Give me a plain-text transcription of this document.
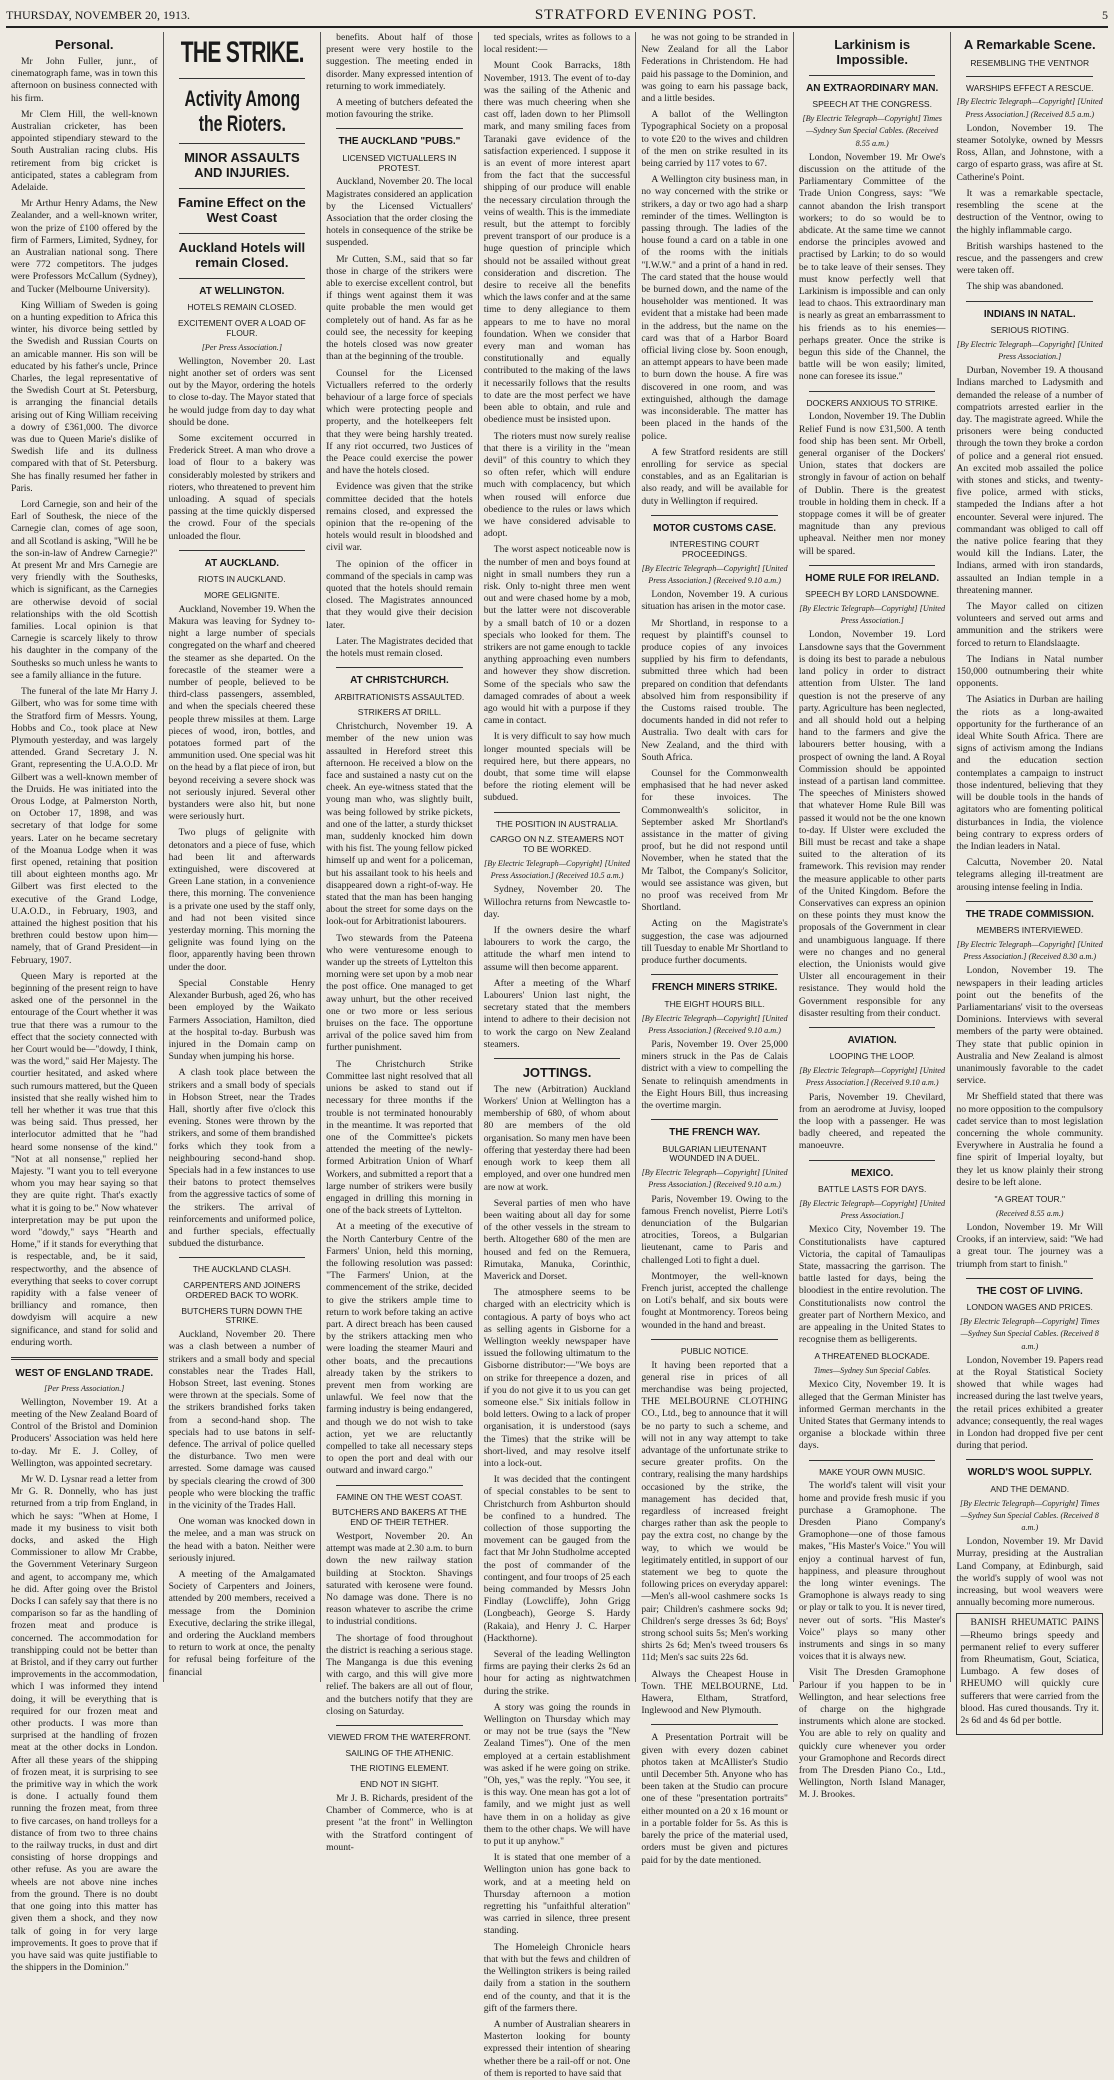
THURSDAY, NOVEMBER 20, 1913.	STRATFORD EVENING POST.	5
Personal.

Mr John Fuller, junr., of cinematograph fame, was in town this afternoon on business connected with his firm.

Mr Clem Hill, the well-known Australian cricketer, has been appointed stipendiary steward to the South Australian racing clubs. His retirement from big cricket is anticipated, states a cablegram from Adelaide.

Mr Arthur Henry Adams, the New Zealander, and a well-known writer, won the prize of £100 offered by the firm of Farmers, Limited, Sydney, for an Australian national song. There were 772 competitors. The judges were Professors McCallum (Sydney), and Tucker (Melbourne University).

King William of Sweden is going on a hunting expedition to Africa this winter, his divorce being settled by the Swedish and Russian Courts on an amicable manner. His son will be educated by his father's uncle, Prince Charles, the legal representative of the Swedish Court at St. Petersburg, is arranging the financial details arising out of King William receiving a dowry of £361,000. The divorce was due to Queen Marie's dislike of Swedish life and its dullness compared with that of St. Petersburg. She has finally resumed her father in Paris.

Lord Carnegie, son and heir of the Earl of Southesk, the niece of the Carnegie clan, comes of age soon, and all Scotland is asking, "Will he be the son-in-law of Andrew Carnegie?" At present Mr and Mrs Carnegie are very friendly with the Southesks, which is significant, as the Carnegies are otherwise devoid of social relationships with the old Scottish families. Local opinion is that Carnegie is scarcely likely to throw his daughter in the company of the Southesks so much unless he wants to see a family alliance in the future.

The funeral of the late Mr Harry J. Gilbert, who was for some time with the Stratford firm of Messrs. Young, Hobbs and Co., took place at New Plymouth yesterday, and was largely attended. Grand Secretary J. N. Grant, representing the U.A.O.D. Mr Gilbert was a well-known member of the Druids. He was initiated into the Orous Lodge, at Palmerston North, on October 17, 1898, and was secretary of that lodge for some years. Later on he became secretary of the Moanua Lodge when it was first opened, retaining that position till about eighteen months ago. Mr Gilbert was first elected to the executive of the Grand Lodge, U.A.O.D., in February, 1903, and attained the highest position that his brethren could bestow upon him—namely, that of Grand President—in February, 1907.

Queen Mary is reported at the beginning of the present reign to have asked one of the personnel in the entourage of the Court whether it was true that there was a rumour to the effect that the society connected with her Court would be—"dowdy, I think, was the word," said Her Majesty. The courtier hesitated, and asked where such rumours mattered, but the Queen insisted that she really wished him to tell her whether it was true that this was being said. Thus pressed, her interlocutor admitted that he "had heard some nonsense of the kind." "Not at all nonsense," replied her Majesty. "I want you to tell everyone whom you may hear saying so that they are quite right. That's exactly what it is going to be." Now whatever interpretation may be put upon the word "dowdy," says "Hearth and Home," if it stands for everything that is respectable, and, be it said, respectworthy, and the absence of everything that seeks to cover corrupt rapidity with a false veneer of brilliancy and romance, then dowdyism will acquire a new significance, and stand for solid and enduring worth.

WEST OF ENGLAND TRADE.
[Per Press Association.]

Wellington, November 19. At a meeting of the New Zealand Board of Control of the Bristol and Dominion Producers' Association was held here to-day. Mr E. J. Colley, of Wellington, was appointed secretary.

Mr W. D. Lysnar read a letter from Mr G. R. Donnelly, who has just returned from a trip from England, in which he says: "When at Home, I made it my business to visit both docks, and asked the High Commissioner to allow Mr Crabbe, the Government Veterinary Surgeon and agent, to accompany me, which he did. After going over the Bristol Docks I can safely say that there is no comparison so far as the handling of frozen meat and produce is concerned. The accommodation for transhipping could not be better than at Bristol, and if they carry out further improvements in the accommodation, which I was informed they intend doing, it will be everything that is required for our frozen meat and other products. I was more than surprised at the handling of frozen meat at the other docks in London. After all these years of the shipping of frozen meat, it is surprising to see the primitive way in which the work is done. I actually found them running the frozen meat, from three to five carcases, on hand trolleys for a distance of from two to three chains to the railway trucks, in dust and dirt consisting of horse droppings and other refuse. As you are aware the wheels are not above nine inches from the ground. There is no doubt that one going into this matter has given them a shock, and they now talk of going in for very large improvements. It goes to prove that if you have said was quite justifiable to the shippers in the Dominion."

THE STRIKE.
Activity Among the Rioters.
MINOR ASSAULTS AND INJURIES.
Famine Effect on the West Coast
Auckland Hotels will remain Closed.
AT WELLINGTON.
HOTELS REMAIN CLOSED.
EXCITEMENT OVER A LOAD OF FLOUR.
[Per Press Association.]

Wellington, November 20. Last night another set of orders was sent out by the Mayor, ordering the hotels to close to-day. The Mayor stated that he would judge from day to day what should be done.

Some excitement occurred in Frederick Street. A man who drove a load of flour to a bakery was considerably molested by strikers and rioters, who threatened to prevent him unloading. A squad of specials passing at the time quickly dispersed the crowd. Four of the specials unloaded the flour.

AT AUCKLAND.
RIOTS IN AUCKLAND.
MORE GELIGNITE.

Auckland, November 19. When the Makura was leaving for Sydney to-night a large number of specials congregated on the wharf and cheered the steamer as she departed. On the forecastle of the steamer were a number of people, believed to be third-class passengers, assembled, and when the specials cheered these people threw missiles at them. Large pieces of wood, iron, bottles, and potatoes formed part of the ammunition used. One special was hit on the head by a flat piece of iron, but beyond receiving a severe shock was not seriously injured. Several other bystanders were also hit, but none were seriously hurt.

Two plugs of gelignite with detonators and a piece of fuse, which had been lit and afterwards extinguished, were discovered at Green Lane station, in a convenience there, this morning. The convenience is a private one used by the staff only, and had not been visited since yesterday morning. This morning the gelignite was found lying on the floor, apparently having been thrown under the door.

Special Constable Henry Alexander Burbush, aged 26, who has been employed by the Waikato Farmers Association, Hamilton, died at the hospital to-day. Burbush was injured in the Domain camp on Sunday when jumping his horse.

A clash took place between the strikers and a small body of specials in Hobson Street, near the Trades Hall, shortly after five o'clock this evening. Stones were thrown by the strikers, and some of them brandished forks which they took from a neighbouring second-hand shop. Specials had in a few instances to use their batons to protect themselves from the aggressive tactics of some of the strikers. The arrival of reinforcements and uniformed police, and further specials, effectually subdued the disturbance.

THE AUCKLAND CLASH.
CARPENTERS AND JOINERS ORDERED BACK TO WORK.
BUTCHERS TURN DOWN THE STRIKE.

Auckland, November 20. There was a clash between a number of strikers and a small body and special constables near the Trades Hall, Hobson Street, last evening. Stones were thrown at the specials. Some of the strikers brandished forks taken from a second-hand shop. The specials had to use batons in self-defence. The arrival of police quelled the disturbance. Two men were arrested. Some damage was caused by specials clearing the crowd of 300 people who were blocking the traffic in the vicinity of the Trades Hall.

One woman was knocked down in the melee, and a man was struck on the head with a baton. Neither were seriously injured.

A meeting of the Amalgamated Society of Carpenters and Joiners, attended by 200 members, received a message from the Dominion Executive, declaring the strike illegal, and ordering the Auckland members to return to work at once, the penalty for refusal being forfeiture of the financial

benefits. About half of those present were very hostile to the suggestion. The meeting ended in disorder. Many expressed intention of returning to work immediately.

A meeting of butchers defeated the motion favouring the strike.

THE AUCKLAND "PUBS."
LICENSED VICTUALLERS IN PROTEST.

Auckland, November 20. The local Magistrates considered an application by the Licensed Victuallers' Association that the order closing the hotels in consequence of the strike be suspended.

Mr Cutten, S.M., said that so far those in charge of the strikers were able to exercise excellent control, but if things went against them it was quite probable the men would get completely out of hand. As far as he could see, the necessity for keeping the hotels closed was now greater than at the beginning of the trouble.

Counsel for the Licensed Victuallers referred to the orderly behaviour of a large force of specials which were protecting people and property, and the hotelkeepers felt that they were being harshly treated. If any riot occurred, two Justices of the Peace could exercise the power and have the hotels closed.

Evidence was given that the strike committee decided that the hotels remains closed, and expressed the opinion that the re-opening of the hotels would result in bloodshed and civil war.

The opinion of the officer in command of the specials in camp was quoted that the hotels should remain closed. The Magistrates announced that they would give their decision later.

Later. The Magistrates decided that the hotels must remain closed.

AT CHRISTCHURCH.
ARBITRATIONISTS ASSAULTED.
STRIKERS AT DRILL.

Christchurch, November 19. A member of the new union was assaulted in Hereford street this afternoon. He received a blow on the face and sustained a nasty cut on the cheek. An eye-witness stated that the young man who, was slightly built, was being followed by strike pickets, and one of the latter, a sturdy thickset man, suddenly knocked him down with his fist. The young fellow picked himself up and went for a policeman, but his assailant took to his heels and disappeared down a right-of-way. He stated that the man has been hanging about the street for some days on the look-out for Arbitrationist labourers.

Two stewards from the Pateena who were venturesome enough to wander up the streets of Lyttelton this morning were set upon by a mob near the post office. One managed to get away unhurt, but the other received one or two more or less serious bruises on the face. The opportune arrival of the police saved him from further punishment.

The Christchurch Strike Committee last night resolved that all unions be asked to stand out if necessary for three months if the trouble is not terminated honourably in the meantime. It was reported that one of the Committee's pickets attended the meeting of the newly-formed Arbitration Union of Wharf Workers, and submitted a report that a large number of strikers were busily engaged in drilling this morning in one of the back streets of Lyttelton.

At a meeting of the executive of the North Canterbury Centre of the Farmers' Union, held this morning, the following resolution was passed: "The Farmers' Union, at the commencement of the strike, decided to give the strikers ample time to return to work before taking an active part. A direct breach has been caused by the strikers attacking men who were loading the steamer Mauri and other boats, and the precautions already taken by the strikers to prevent men from working are unlawful. We feel now that the farming industry is being endangered, and though we do not wish to take action, yet we are reluctantly compelled to take all necessary steps to open the port and deal with our outward and inward cargo."

FAMINE ON THE WEST COAST.
BUTCHERS AND BAKERS AT THE END OF THEIR TETHER.

Westport, November 20. An attempt was made at 2.30 a.m. to burn down the new railway station building at Stockton. Shavings saturated with kerosene were found. No damage was done. There is no reason whatever to ascribe the crime to industrial conditions.

The shortage of food throughout the district is reaching a serious stage. The Manganga is due this evening with cargo, and this will give more relief. The bakers are all out of flour, and the butchers notify that they are closing on Saturday.

VIEWED FROM THE WATERFRONT.
SAILING OF THE ATHENIC.
THE RIOTING ELEMENT.
END NOT IN SIGHT.

Mr J. B. Richards, president of the Chamber of Commerce, who is at present "at the front" in Wellington with the Stratford contingent of mount-

ted specials, writes as follows to a local resident:—

Mount Cook Barracks, 18th November, 1913. The event of to-day was the sailing of the Athenic and there was much cheering when she cast off, laden down to her Plimsoll mark, and many smiling faces from Taranaki gave evidence of the satisfaction experienced. I suppose it is an event of more interest apart from the fact that the successful shipping of our produce will enable the necessary circulation through the veins of wealth. This is the immediate result, but the attempt to forcibly prevent transport of our produce is a huge question of principle which should not be assailed without great consideration and discretion. The desire to receive all the benefits which the laws confer and at the same time to deny allegiance to them appears to me to have no moral foundation. When we consider that every man and woman has constitutionally and equally contributed to the making of the laws it necessarily follows that the results to date are the most perfect we have been able to obtain, and rule and obedience must be insisted upon.

The rioters must now surely realise that there is a virility in the "mean devil" of this country to which they so often refer, which will endure much with complacency, but which when roused will enforce due obedience to the rules or laws which we have considered advisable to adopt.

The worst aspect noticeable now is the number of men and boys found at night in small numbers they run a risk. Only to-night three men went out and were chased home by a mob, but the latter were not discoverable by a small batch of 10 or a dozen specials who looked for them. The strikers are not game enough to tackle anything approaching even numbers and however they show discretion. Some of the specials who saw the damaged comrades of about a week ago would hit with a purpose if they came in contact.

It is very difficult to say how much longer mounted specials will be required here, but there appears, no doubt, that some time will elapse before the rioting element will be subdued.

THE POSITION IN AUSTRALIA.
CARGO ON N.Z. STEAMERS NOT TO BE WORKED.
[By Electric Telegraph—Copyright] [United Press Association.] (Received 10.5 a.m.)

Sydney, November 20. The Willochra returns from Newcastle to-day.

If the owners desire the wharf labourers to work the cargo, the attitude the wharf men intend to assume will then become apparent.

After a meeting of the Wharf Labourers' Union last night, the secretary stated that the members intend to adhere to their decision not to work the cargo on New Zealand steamers.

JOTTINGS.

The new (Arbitration) Auckland Workers' Union at Wellington has a membership of 680, of whom about 80 are members of the old organisation. So many men have been offering that yesterday there had been enough work to keep them all employed, and over one hundred men are now at work.

Several parties of men who have been waiting about all day for some of the other vessels in the stream to berth. Altogether 680 of the men are housed and fed on the Remuera, Rimutaka, Manuka, Corinthic, Maverick and Dorset.

The atmosphere seems to be charged with an electricity which is contagious. A party of boys who act as selling agents in Gisborne for a Wellington weekly newspaper have issued the following ultimatum to the Gisborne distributor:—"We boys are on strike for threepence a dozen, and if you do not give it to us you can get someone else." Six initials follow in bold letters. Owing to a lack of proper organisation, it is understood (says the Times) that the strike will be short-lived, and may resolve itself into a lock-out.

It was decided that the contingent of special constables to be sent to Christchurch from Ashburton should be confined to a hundred. The collection of those supporting the movement can be gauged from the fact that Mr John Studholme accepted the post of commander of the contingent, and four troops of 25 each being commanded by Messrs John Findlay (Lowcliffe), John Grigg (Longbeach), George S. Hardy (Rakaia), and Henry J. C. Harper (Hackthorne).

Several of the leading Wellington firms are paying their clerks 2s 6d an hour for acting as nightwatchmen during the strike.

A story was going the rounds in Wellington on Thursday which may or may not be true (says the "New Zealand Times"). One of the men employed at a certain establishment was asked if he were going on strike. "Oh, yes," was the reply. "You see, it is this way. One mean has got a lot of family, and we might just as well have them in on a holiday as give them to the other chaps. We will have to put it up anyhow."

It is stated that one member of a Wellington union has gone back to work, and at a meeting held on Thursday afternoon a motion regretting his "unfaithful alteration" was carried in silence, three present standing.

The Homeleigh Chronicle hears that with but the fews and children of the Wellington strikers is being railed daily from a station in the southern end of the county, and that it is the gift of the farmers there.

A number of Australian shearers in Masterton looking for bounty expressed their intention of shearing whether there be a rail-off or not. One of them is reported to have said that

he was not going to be stranded in New Zealand for all the Labor Federations in Christendom. He had paid his passage to the Dominion, and was going to earn his passage back, and a little besides.

A ballot of the Wellington Typographical Society on a proposal to vote £20 to the wives and children of the men on strike resulted in its being carried by 117 votes to 67.

A Wellington city business man, in no way concerned with the strike or strikers, a day or two ago had a sharp reminder of the times. Wellington is passing through. The ladies of the house found a card on a table in one of the rooms with the initials "I.W.W." and a print of a hand in red. The card stated that the house would be burned down, and the name of the householder was mentioned. It was evident that a mistake had been made in the address, but the name on the card was that of a Harbor Board official living close by. Soon enough, an attempt appears to have been made to burn down the house. A fire was discovered in one room, and was extinguished, although the damage was inconsiderable. The matter has been placed in the hands of the police.

A few Stratford residents are still enrolling for service as special constables, and as an Egalitarian is also ready, and will be available for duty in Wellington if required.

MOTOR CUSTOMS CASE.
INTERESTING COURT PROCEEDINGS.
[By Electric Telegraph—Copyright] [United Press Association.] (Received 9.10 a.m.)

London, November 19. A curious situation has arisen in the motor case.

Mr Shortland, in response to a request by plaintiff's counsel to produce copies of any invoices supplied by his firm to defendants, submitted three which had been prepared on condition that defendants absolved him from responsibility if the Customs raised trouble. The documents handed in did not refer to Australia. Two dealt with cars for New Zealand, and the third with South Africa.

Counsel for the Commonwealth emphasised that he had never asked for these invoices. The Commonwealth's solicitor, in September asked Mr Shortland's assistance in the matter of giving proof, but he did not respond until November, when he stated that the Mr Talbot, the Company's Solicitor, would see assistance was given, but no proof was received from Mr Shortland.

Acting on the Magistrate's suggestion, the case was adjourned till Tuesday to enable Mr Shortland to produce further documents.

FRENCH MINERS STRIKE.
THE EIGHT HOURS BILL.
[By Electric Telegraph—Copyright] [United Press Association.] (Received 9.10 a.m.)

Paris, November 19. Over 25,000 miners struck in the Pas de Calais district with a view to compelling the Senate to relinquish amendments in the Eight Hours Bill, thus increasing the overtime margin.

THE FRENCH WAY.
BULGARIAN LIEUTENANT WOUNDED IN A DUEL.
[By Electric Telegraph—Copyright] [United Press Association.] (Received 9.10 a.m.)

Paris, November 19. Owing to the famous French novelist, Pierre Loti's denunciation of the Bulgarian atrocities, Toreos, a Bulgarian lieutenant, came to Paris and challenged Loti to fight a duel.

Montmoyer, the well-known French jurist, accepted the challenge on Loti's behalf, and six bouts were fought at Montmorency. Toreos being wounded in the hand and breast.

PUBLIC NOTICE.

It having been reported that a general rise in prices of all merchandise was being projected, THE MELBOURNE CLOTHING CO., Ltd., beg to announce that it will be no party to such a scheme, and will not in any way attempt to take advantage of the unfortunate strike to secure greater profits. On the contrary, realising the many hardships occasioned by the strike, the management has decided that, regardless of increased freight charges rather than ask the people to pay the extra cost, no change by the way, to which we would be legitimately entitled, in support of our statement we beg to quote the following prices on everyday apparel:—Men's all-wool cashmere socks 1s pair; Children's cashmere socks 9d; Children's serge dresses 3s 6d; Boys' strong school suits 5s; Men's working shirts 2s 6d; Men's tweed trousers 6s 11d; Men's sac suits 22s 6d.

Always the Cheapest House in Town. THE MELBOURNE, Ltd. Hawera, Eltham, Stratford, Inglewood and New Plymouth.

A Presentation Portrait will be given with every dozen cabinet photos taken at McAllister's Studio until December 5th. Anyone who has been taken at the Studio can procure one of these "presentation portraits" either mounted on a 20 x 16 mount or in a portable folder for 5s. As this is barely the price of the material used, orders must be given and pictures paid for by the date mentioned.

Larkinism is Impossible.
AN EXTRAORDINARY MAN.
SPEECH AT THE CONGRESS.
[By Electric Telegraph—Copyright] Times—Sydney Sun Special Cables. (Received 8.55 a.m.)

London, November 19. Mr Owe's discussion on the attitude of the Parliamentary Committee of the Trade Union Congress, says: "We cannot abandon the Irish transport workers; to do so would be to abdicate. At the same time we cannot endorse the principles avowed and practised by Larkin; to do so would be to take leave of their senses. They must know perfectly well that Larkinism is impossible and can only lead to chaos. This extraordinary man is nearly as great an embarrassment to his friends as to his enemies—perhaps greater. Once the strike is begun this side of the Channel, the battle will be won easily; limited, none can foresee its issue."

DOCKERS ANXIOUS TO STRIKE.

London, November 19. The Dublin Relief Fund is now £31,500. A tenth food ship has been sent. Mr Orbell, general organiser of the Dockers' Union, states that dockers are strongly in favour of action on behalf of Dublin. There is the greatest trouble in holding them in check. If a stoppage comes it will be of greater magnitude than any previous upheaval. Neither men nor money will be spared.

HOME RULE FOR IRELAND.
SPEECH BY LORD LANSDOWNE.
[By Electric Telegraph—Copyright] [United Press Association.]

London, November 19. Lord Lansdowne says that the Government is doing its best to parade a nebulous land policy in order to distract attention from Ulster. The land question is not the preserve of any party. Agriculture has been neglected, and all should hold out a helping hand to the farmers and give the labourers better housing, with a prospect of owning the land. A Royal Commission should be appointed instead of a partisan land committee. The speeches of Ministers showed that whatever Home Rule Bill was passed it would not be the one known to-day. If Ulster were excluded the Bill must be recast and take a shape suited to the alteration of its framework. This revision may render the measure applicable to other parts of the United Kingdom. Before the Conservatives can express an opinion on these points they must know the proposals of the Government in clear and unambiguous language. If there were no changes and no general election, the Unionists would give Ulster all encouragement in their resistance. They would hold the Government responsible for any disaster resulting from their conduct.

AVIATION.
LOOPING THE LOOP.
[By Electric Telegraph—Copyright] [United Press Association.] (Received 9.10 a.m.)

Paris, November 19. Chevilard, from an aerodrome at Juvisy, looped the loop with a passenger. He was badly cheered, and repeated the manoeuvre.

MEXICO.
BATTLE LASTS FOR DAYS.
[By Electric Telegraph—Copyright] [United Press Association.]

Mexico City, November 19. The Constitutionalists have captured Victoria, the capital of Tamaulipas State, massacring the garrison. The battle lasted for days, being the bloodiest in the entire revolution. The Constitutionalists now control the greater part of Northern Mexico, and are appealing in the United States to recognise them as belligerents.

A THREATENED BLOCKADE.
Times—Sydney Sun Special Cables.

Mexico City, November 19. It is alleged that the German Minister has informed German merchants in the United States that Germany intends to organise a blockade within three days.

MAKE YOUR OWN MUSIC.

The world's talent will visit your home and provide fresh music if you purchase a Gramophone. The Dresden Piano Company's Gramophone—one of those famous makes, "His Master's Voice." You will enjoy a continual harvest of fun, happiness, and pleasure throughout the long winter evenings. The Gramophone is always ready to sing or play or talk to you. It is never tired, never out of sorts. "His Master's Voice" plays so many other instruments and sings in so many voices that it is always new.

Visit The Dresden Gramophone Parlour if you happen to be in Wellington, and hear selections free of charge on the highgrade instruments which alone are stocked. You are able to rely on quality and quickly cure whenever you order your Gramophone and Records direct from The Dresden Piano Co., Ltd., Wellington, North Island Manager, M. J. Brookes.

A Remarkable Scene.
RESEMBLING THE VENTNOR
WARSHIPS EFFECT A RESCUE.
[By Electric Telegraph—Copyright] [United Press Association.] (Received 8.5 a.m.)

London, November 19. The steamer Sotolyke, owned by Messrs Ross, Allan, and Johnstone, with a cargo of esparto grass, was afire at St. Catherine's Point.

It was a remarkable spectacle, resembling the scene at the destruction of the Ventnor, owing to the highly inflammable cargo.

British warships hastened to the rescue, and the passengers and crew were taken off.

The ship was abandoned.

INDIANS IN NATAL.
SERIOUS RIOTING.
[By Electric Telegraph—Copyright] [United Press Association.]

Durban, November 19. A thousand Indians marched to Ladysmith and demanded the release of a number of compatriots arrested earlier in the day. The magistrate agreed. While the prisoners were being conducted through the town they broke a cordon of police and a general riot ensued. An excited mob assailed the police with stones and sticks, and twenty-five police, armed with sticks, stampeded the Indians after a hot encounter. Several were injured. The commandant was obliged to call off the native police fearing that they would kill the Indians. Later, the Indians, armed with iron standards, assaulted an Indian temple in a threatening manner.

The Mayor called on citizen volunteers and served out arms and ammunition and the strikers were forced to return to Elandslaagte.

The Indians in Natal number 150,000 outnumbering their white opponents.

The Asiatics in Durban are hailing the riots as a long-awaited opportunity for the furtherance of an ideal White South Africa. There are signs of activism among the Indians and the education section contemplates a campaign to instruct those indentured, believing that they will be double tools in the hands of agitators who are fomenting political disturbances in India, the violence being contrary to express orders of the Indian leaders in Natal.

Calcutta, November 20. Natal telegrams alleging ill-treatment are arousing intense feeling in India.

THE TRADE COMMISSION.
MEMBERS INTERVIEWED.
[By Electric Telegraph—Copyright] [United Press Association.] (Received 8.30 a.m.)

London, November 19. The newspapers in their leading articles point out the benefits of the Parliamentarians' visit to the overseas Dominions. Interviews with several members of the party were obtained. They state that public opinion in Australia and New Zealand is almost unanimously favorable to the cadet service.

Mr Sheffield stated that there was no more opposition to the compulsory cadet service than to most legislation concerning the whole community. Everywhere in Australia he found a fine spirit of Imperial loyalty, but they let us know plainly their strong desire to be left alone.

"A GREAT TOUR."
(Received 8.55 a.m.)

London, November 19. Mr Will Crooks, if an interview, said: "We had a great tour. The journey was a triumph from start to finish."

THE COST OF LIVING.
LONDON WAGES AND PRICES.
[By Electric Telegraph—Copyright] Times—Sydney Sun Special Cables. (Received 8 a.m.)

London, November 19. Papers read at the Royal Statistical Society showed that while wages had increased during the last twelve years, the retail prices exhibited a greater advance; consequently, the real wages in London had dropped five per cent during that period.

WORLD'S WOOL SUPPLY.
AND THE DEMAND.
[By Electric Telegraph—Copyright] Times—Sydney Sun Special Cables. (Received 8 a.m.)

London, November 19. Mr David Murray, presiding at the Australian Land Company, at Edinburgh, said the world's supply of wool was not increasing, but wool weavers were annually becoming more numerous.

BANISH RHEUMATIC PAINS—Rheumo brings speedy and permanent relief to every sufferer from Rheumatism, Gout, Sciatica, Lumbago. A few doses of RHEUMO will quickly cure sufferers that were carried from the blood. Has cured thousands. Try it. 2s 6d and 4s 6d per bottle.
